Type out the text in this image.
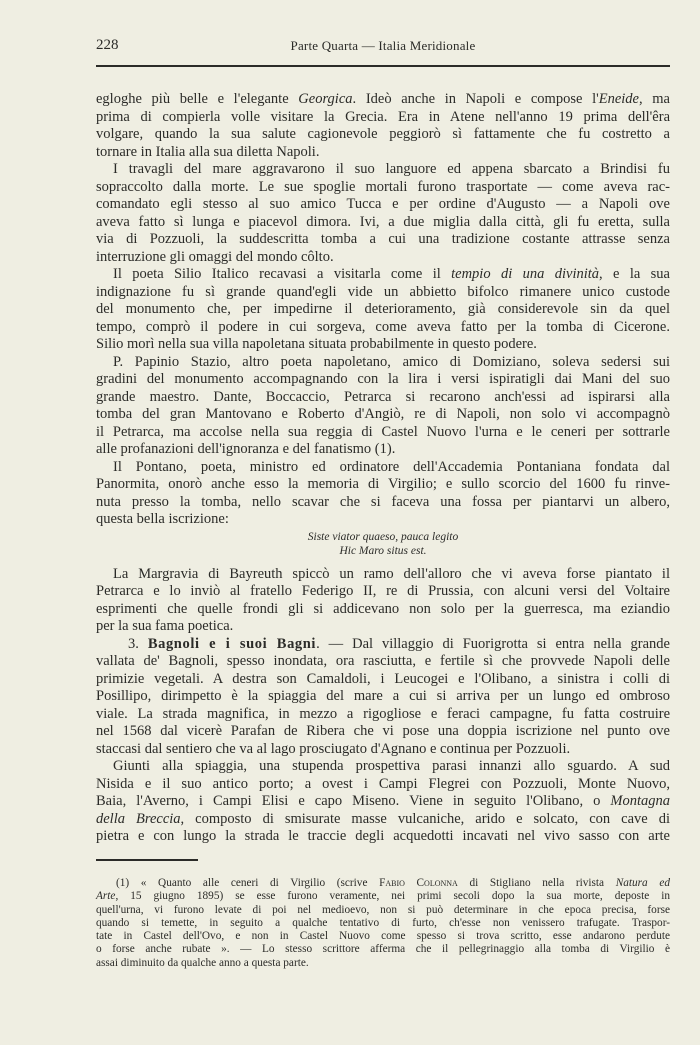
228	Parte Quarta — Italia Meridionale
egloghe più belle e l'elegante Georgica. Ideò anche in Napoli e compose l'Eneide, ma
prima di compierla volle visitare la Grecia. Era in Atene nell'anno 19 prima dell'êra
volgare, quando la sua salute cagionevole peggiorò sì fattamente che fu costretto a
tornare in Italia alla sua diletta Napoli.
I travagli del mare aggravarono il suo languore ed appena sbarcato a Brindisi fu
sopraccolto dalla morte. Le sue spoglie mortali furono trasportate — come aveva rac-
comandato egli stesso al suo amico Tucca e per ordine d'Augusto — a Napoli ove
aveva fatto sì lunga e piacevol dimora. Ivi, a due miglia dalla città, gli fu eretta, sulla
via di Pozzuoli, la suddescritta tomba a cui una tradizione costante attrasse senza
interruzione gli omaggi del mondo côlto.
Il poeta Silio Italico recavasi a visitarla come il tempio di una divinità, e la sua
indignazione fu sì grande quand'egli vide un abbietto bifolco rimanere unico custode
del monumento che, per impedirne il deterioramento, già considerevole sin da quel
tempo, comprò il podere in cui sorgeva, come aveva fatto per la tomba di Cicerone.
Silio morì nella sua villa napoletana situata probabilmente in questo podere.
P. Papinio Stazio, altro poeta napoletano, amico di Domiziano, soleva sedersi sui
gradini del monumento accompagnando con la lira i versi ispiratigli dai Mani del suo
grande maestro. Dante, Boccaccio, Petrarca si recarono anch'essi ad ispirarsi alla
tomba del gran Mantovano e Roberto d'Angiò, re di Napoli, non solo vi accompagnò
il Petrarca, ma accolse nella sua reggia di Castel Nuovo l'urna e le ceneri per sottrarle
alle profanazioni dell'ignoranza e del fanatismo (1).
Il Pontano, poeta, ministro ed ordinatore dell'Accademia Pontaniana fondata dal
Panormita, onorò anche esso la memoria di Virgilio; e sullo scorcio del 1600 fu rinve-
nuta presso la tomba, nello scavar che si faceva una fossa per piantarvi un albero,
questa bella iscrizione:
Siste viator quaeso, pauca legito
Hic Maro situs est.
La Margravia di Bayreuth spiccò un ramo dell'alloro che vi aveva forse piantato il
Petrarca e lo inviò al fratello Federigo II, re di Prussia, con alcuni versi del Voltaire
esprimenti che quelle frondi gli si addicevano non solo per la guerresca, ma eziandio
per la sua fama poetica.
3. Bagnoli e i suoi Bagni. — Dal villaggio di Fuorigrotta si entra nella grande
vallata de' Bagnoli, spesso inondata, ora rasciutta, e fertile sì che provvede Napoli delle
primizie vegetali. A destra son Camaldoli, i Leucogei e l'Olibano, a sinistra i colli di
Posillipo, dirimpetto è la spiaggia del mare a cui si arriva per un lungo ed ombroso
viale. La strada magnifica, in mezzo a rigogliose e feraci campagne, fu fatta costruire
nel 1568 dal vicerè Parafan de Ribera che vi pose una doppia iscrizione nel punto ove
staccasi dal sentiero che va al lago prosciugato d'Agnano e continua per Pozzuoli.
Giunti alla spiaggia, una stupenda prospettiva parasi innanzi allo sguardo. A sud
Nisida e il suo antico porto; a ovest i Campi Flegrei con Pozzuoli, Monte Nuovo,
Baia, l'Averno, i Campi Elisi e capo Miseno. Viene in seguito l'Olibano, o Montagna
della Breccia, composto di smisurate masse vulcaniche, arido e solcato, con cave di
pietra e con lungo la strada le traccie degli acquedotti incavati nel vivo sasso con arte
(1) « Quanto alle ceneri di Virgilio (scrive Fabio Colonna di Stigliano nella rivista Natura ed
Arte, 15 giugno 1895) se esse furono veramente, nei primi secoli dopo la sua morte, deposte in
quell'urna, vi furono levate di poi nel medioevo, non si può determinare in che epoca precisa, forse
quando si temette, in seguito a qualche tentativo di furto, ch'esse non venissero trafugate. Traspor-
tate in Castel dell'Ovo, e non in Castel Nuovo come spesso si trova scritto, esse andarono perdute
o forse anche rubate ». — Lo stesso scrittore afferma che il pellegrinaggio alla tomba di Virgilio è
assai diminuito da qualche anno a questa parte.
